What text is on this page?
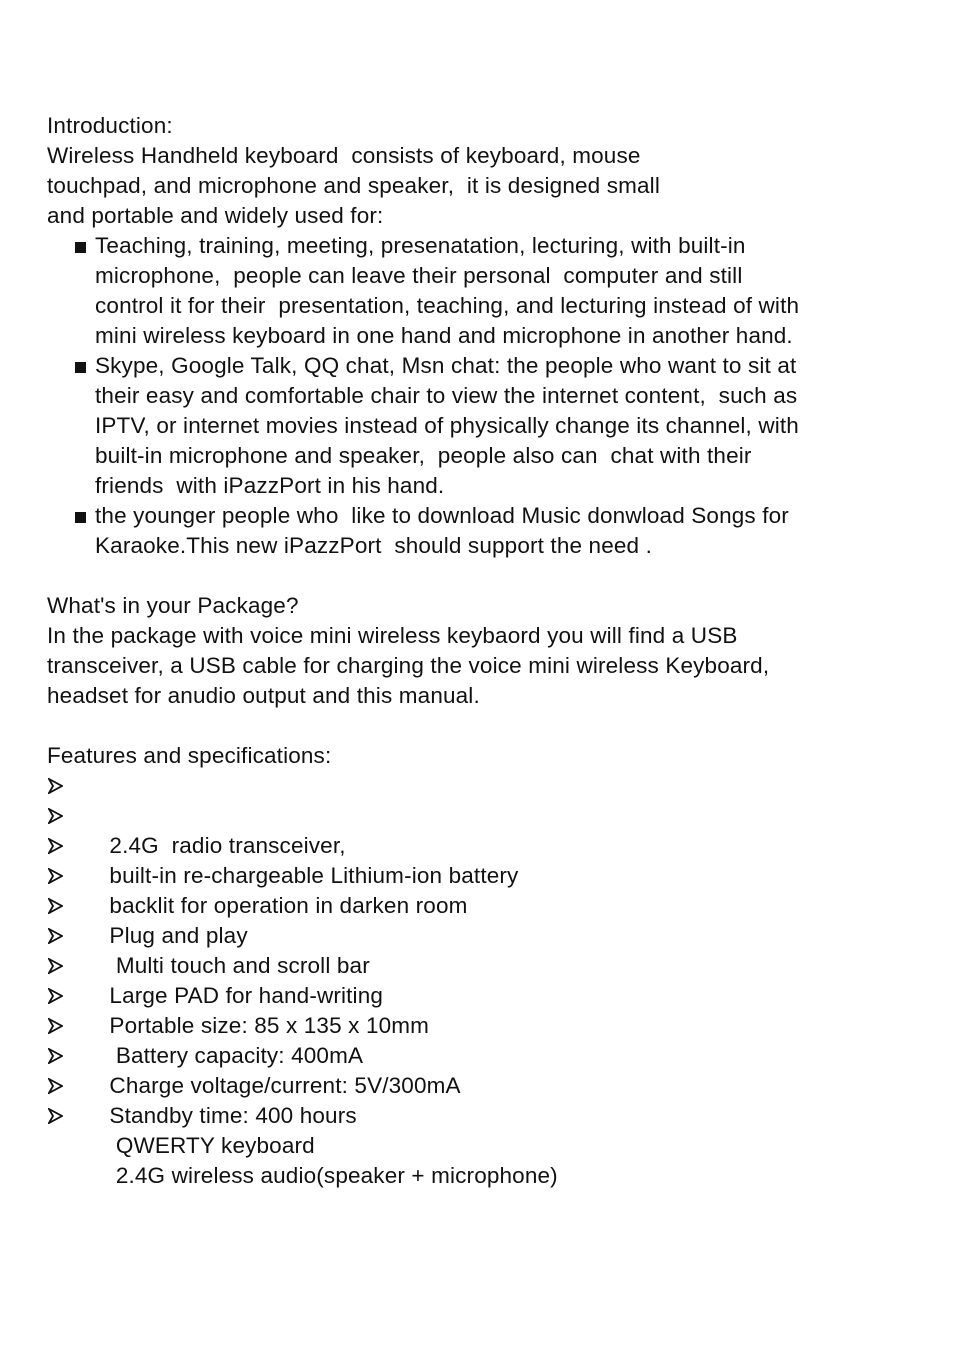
Introduction:
Wireless Handheld keyboard  consists of keyboard, mouse
touchpad, and microphone and speaker,  it is designed small
and portable and widely used for:
Teaching, training, meeting, presenatation, lecturing, with built-in
microphone,  people can leave their personal  computer and still
control it for their  presentation, teaching, and lecturing instead of with
mini wireless keyboard in one hand and microphone in another hand.
Skype, Google Talk, QQ chat, Msn chat: the people who want to sit at
their easy and comfortable chair to view the internet content,  such as
IPTV, or internet movies instead of physically change its channel, with
built-in microphone and speaker,  people also can  chat with their
friends  with iPazzPort in his hand.
the younger people who  like to download Music donwload Songs for
Karaoke.This new iPazzPort  should support the need .
What's in your Package?
In the package with voice mini wireless keybaord you will find a USB
transceiver, a USB cable for charging the voice mini wireless Keyboard,
headset for anudio output and this manual.
Features and specifications:

2.4G  radio transceiver,

built-in re-chargeable Lithium-ion battery

backlit for operation in darken room

Plug and play

Multi touch and scroll bar

Large PAD for hand-writing

Portable size: 85 x 135 x 10mm

Battery capacity: 400mA

Charge voltage/current: 5V/300mA

Standby time: 400 hours

QWERTY keyboard

2.4G wireless audio(speaker + microphone)
